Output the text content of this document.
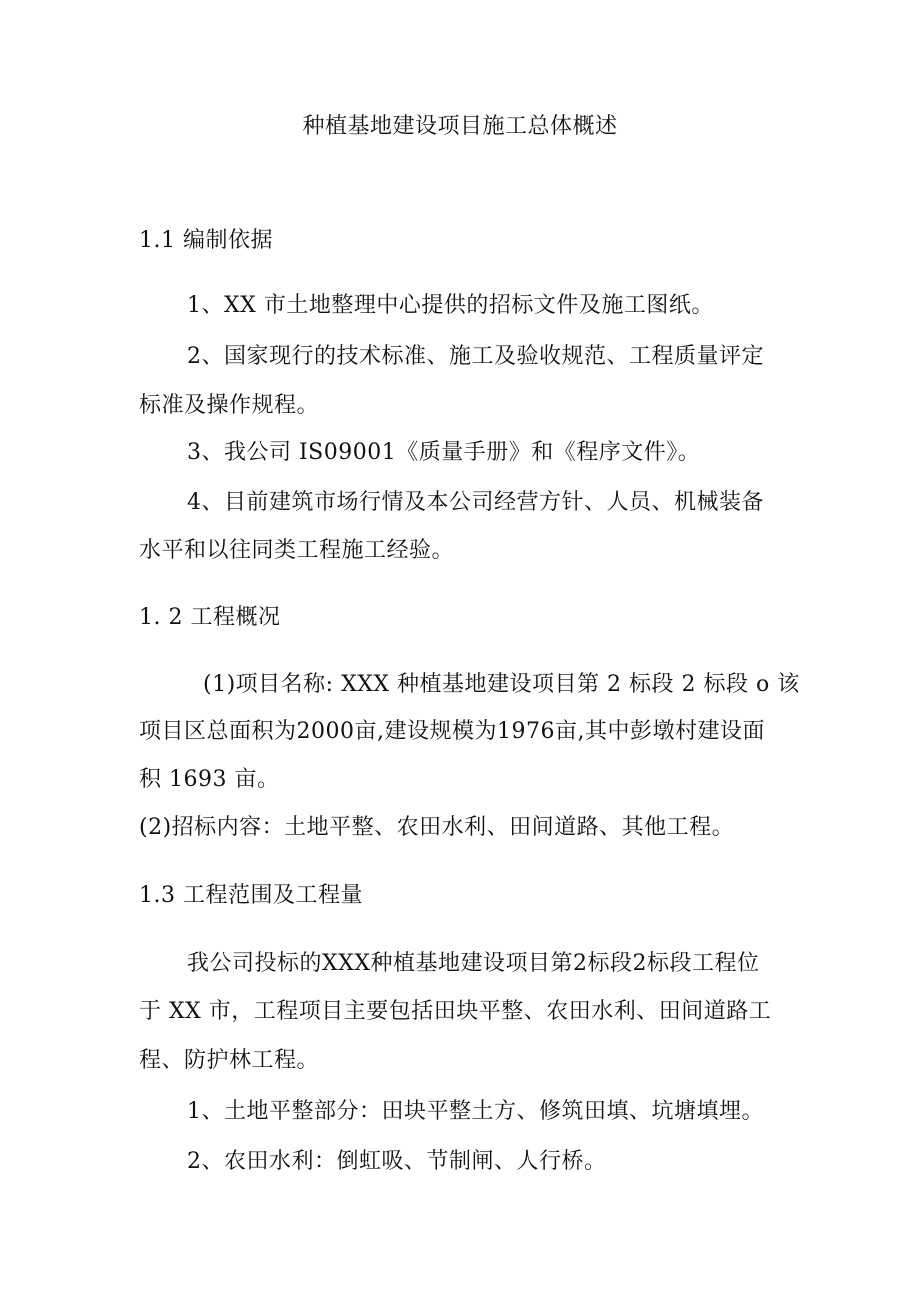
种植基地建设项目施工总体概述
1.1 编制依据
1、XX 市土地整理中心提供的招标文件及施工图纸。
2、国家现行的技术标准、施工及验收规范、工程质量评定
标准及操作规程。
3、我公司 IS09001《质量手册》和《程序文件》。
4、目前建筑市场行情及本公司经营方针、人员、机械装备
水平和以往同类工程施工经验。
1. 2 工程概况
(1)项目名称: XXX 种植基地建设项目第 2 标段 2 标段 o 该
项目区总面积为2000亩,建设规模为1976亩,其中彭墩村建设面
积 1693 亩。
(2)招标内容：土地平整、农田水利、田间道路、其他工程。
1.3 工程范围及工程量
我公司投标的XXX种植基地建设项目第2标段2标段工程位
于 XX 市，工程项目主要包括田块平整、农田水利、田间道路工
程、防护林工程。
1、土地平整部分：田块平整土方、修筑田填、坑塘填埋。
2、农田水利：倒虹吸、节制闸、人行桥。
